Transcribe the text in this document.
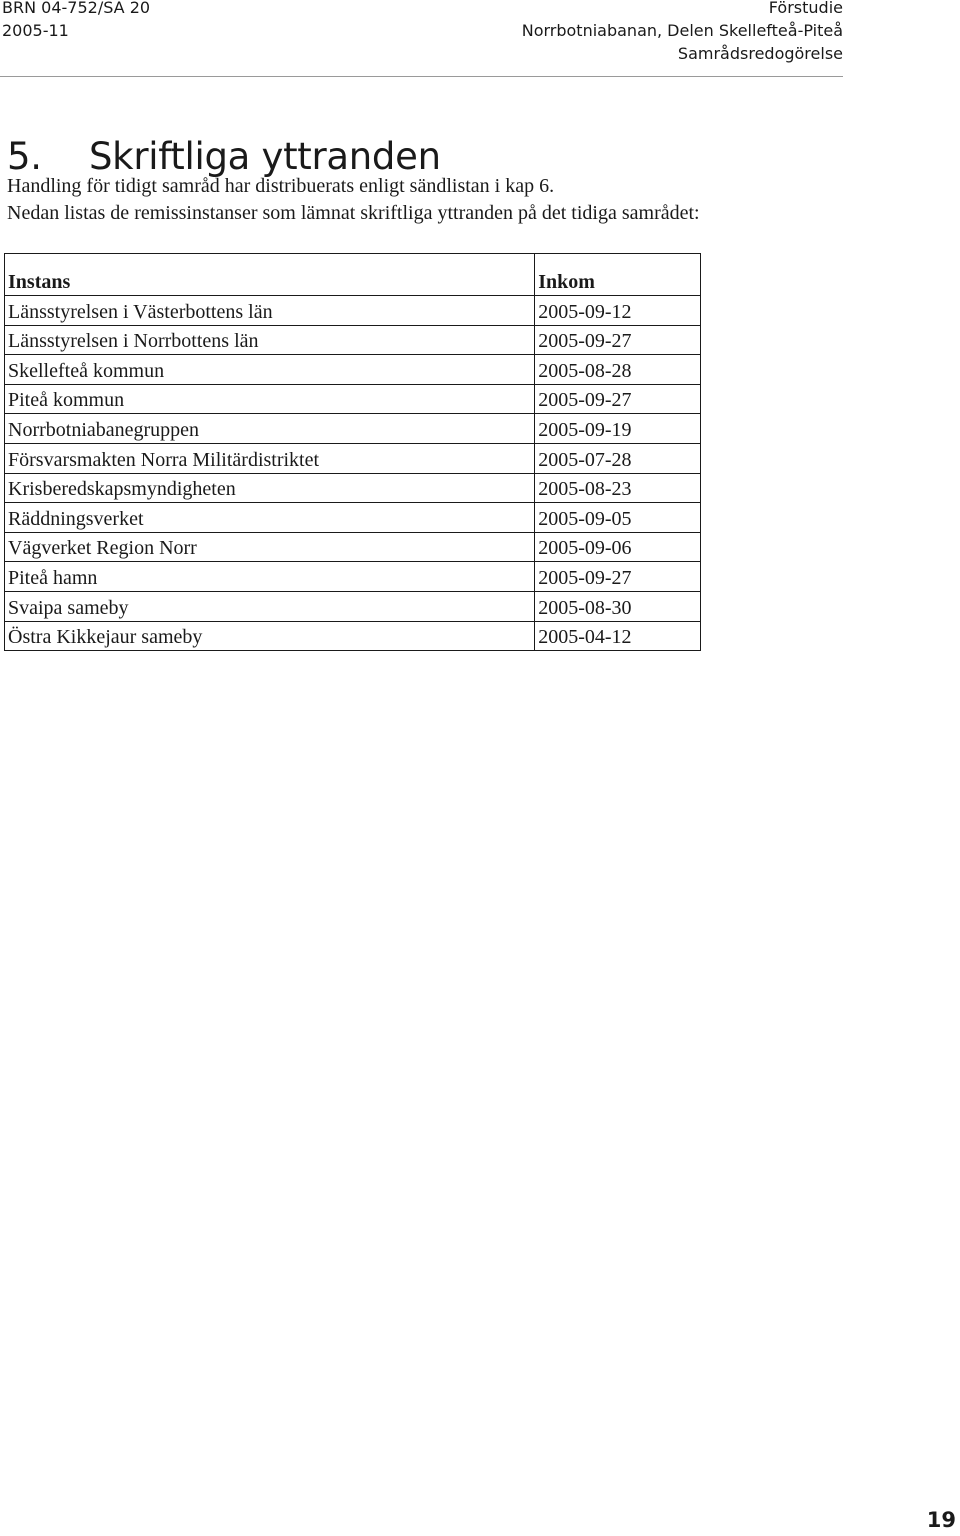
BRN 04-752/SA 20
2005-11
Förstudie
Norrbotniabanan, Delen Skellefteå-Piteå
Samrådsredogörelse
5. Skriftliga yttranden
Handling för tidigt samråd har distribuerats enligt sändlistan i kap 6.
Nedan listas de remissinstanser som lämnat skriftliga yttranden på det tidiga samrådet:
Instans	Inkom
Länsstyrelsen i Västerbottens län	2005-09-12
Länsstyrelsen i Norrbottens län	2005-09-27
Skellefteå kommun	2005-08-28
Piteå kommun	2005-09-27
Norrbotniabanegruppen	2005-09-19
Försvarsmakten Norra Militärdistriktet	2005-07-28
Krisberedskapsmyndigheten	2005-08-23
Räddningsverket	2005-09-05
Vägverket Region Norr	2005-09-06
Piteå hamn	2005-09-27
Svaipa sameby	2005-08-30
Östra Kikkejaur sameby	2005-04-12
19
